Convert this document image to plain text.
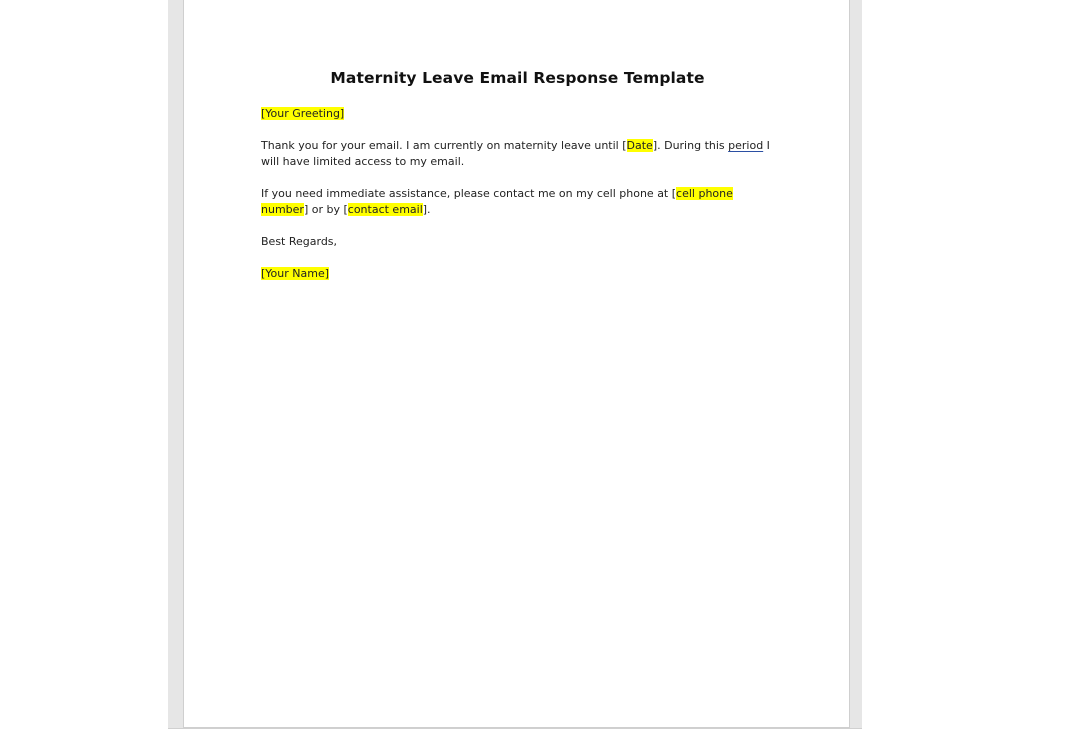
Maternity Leave Email Response Template

[Your Greeting]

Thank you for your email. I am currently on maternity leave until [Date]. During this period I will have limited access to my email.

If you need immediate assistance, please contact me on my cell phone at [cell phone number] or by [contact email].

Best Regards,

[Your Name]
